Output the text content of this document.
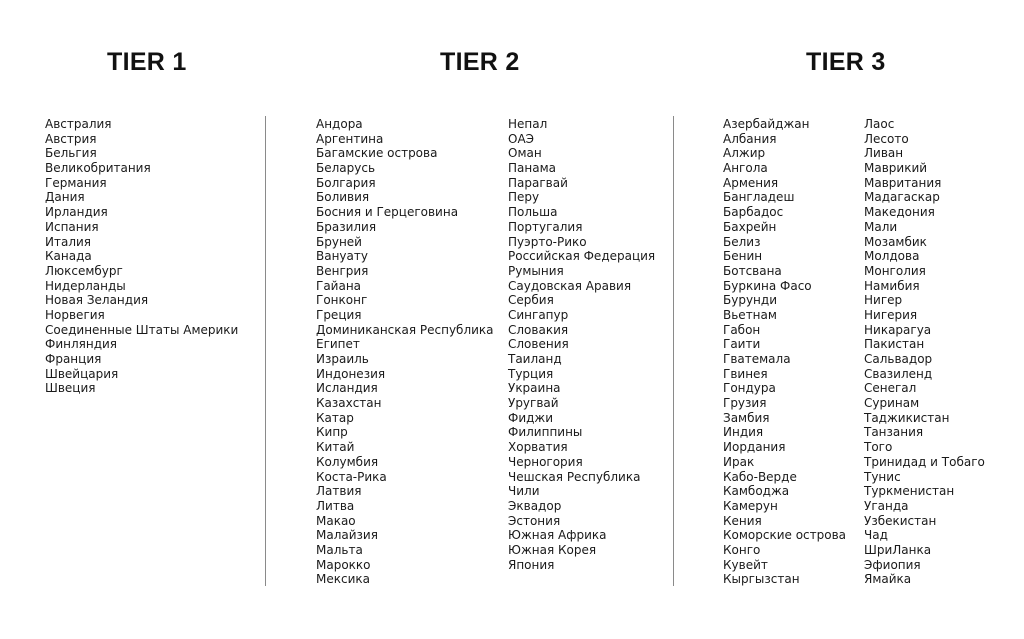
TIER 1	TIER 2	TIER 3
Австралия
Австрия
Бельгия
Великобритания
Германия
Дания
Ирландия
Испания
Италия
Канада
Люксембург
Нидерланды
Новая Зеландия
Норвегия
Соединенные Штаты Америки
Финляндия
Франция
Швейцария
Швеция
Андора
Аргентина
Багамские острова
Беларусь
Болгария
Боливия
Босния и Герцеговина
Бразилия
Бруней
Вануату
Венгрия
Гайана
Гонконг
Греция
Доминиканская Республика
Египет
Израиль
Индонезия
Исландия
Казахстан
Катар
Кипр
Китай
Колумбия
Коста-Рика
Латвия
Литва
Макао
Малайзия
Мальта
Марокко
Мексика
Непал
ОАЭ
Оман
Панама
Парагвай
Перу
Польша
Португалия
Пуэрто-Рико
Российская Федерация
Румыния
Саудовская Аравия
Сербия
Сингапур
Словакия
Словения
Таиланд
Турция
Украина
Уругвай
Фиджи
Филиппины
Хорватия
Черногория
Чешская Республика
Чили
Эквадор
Эстония
Южная Африка
Южная Корея
Япония
Азербайджан
Албания
Алжир
Ангола
Армения
Бангладеш
Барбадос
Бахрейн
Белиз
Бенин
Ботсвана
Буркина Фасо
Бурунди
Вьетнам
Габон
Гаити
Гватемала
Гвинея
Гондура
Грузия
Замбия
Индия
Иордания
Ирак
Кабо-Верде
Камбоджа
Камерун
Кения
Коморские острова
Конго
Кувейт
Кыргызстан
Лаос
Лесото
Ливан
Маврикий
Мавритания
Мадагаскар
Македония
Мали
Мозамбик
Молдова
Монголия
Намибия
Нигер
Нигерия
Никарагуа
Пакистан
Сальвадор
Свазиленд
Сенегал
Суринам
Таджикистан
Танзания
Того
Тринидад и Тобаго
Тунис
Туркменистан
Уганда
Узбекистан
Чад
ШриЛанка
Эфиопия
Ямайка
